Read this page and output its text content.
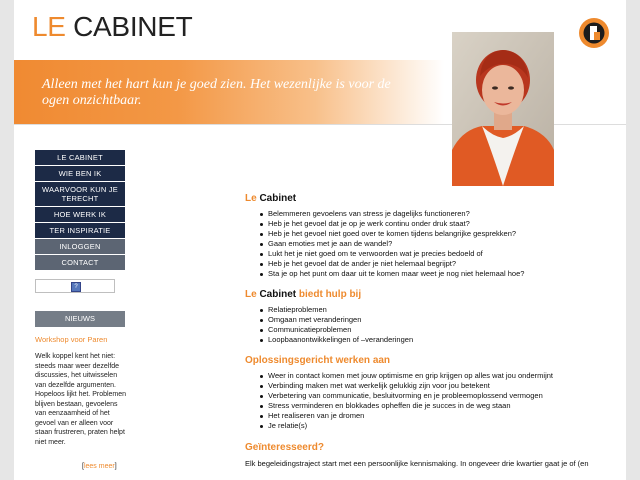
LE CABINET
Alleen met het hart kun je goed zien. Het wezenlijke is voor de ogen onzichtbaar.
LE CABINET
WIE BEN IK
WAARVOOR KUN JE TERECHT
HOE WERK IK
TER INSPIRATIE
INLOGGEN
CONTACT
?
NIEUWS
Workshop voor Paren
Welk koppel kent het niet: steeds maar weer dezelfde discussies, het uitwisselen van dezelfde argumenten. Hopeloos lijkt het. Problemen blijven bestaan, gevoelens van eenzaamheid of het gevoel van er alleen voor staan frustreren, praten helpt niet meer.
[lees meer]
Le Cabinet
Belemmeren gevoelens van stress je dagelijks functioneren?
Heb je het gevoel dat je op je werk continu onder druk staat?
Heb je het gevoel niet goed over te komen tijdens belangrijke gesprekken?
Gaan emoties met je aan de wandel?
Lukt het je niet goed om te verwoorden wat je precies bedoeld of
Heb je het gevoel dat de ander je niet helemaal begrijpt?
Sta je op het punt om daar uit te komen maar weet je nog niet helemaal hoe?
Le Cabinet biedt hulp bij
Relatieproblemen
Omgaan met veranderingen
Communicatieproblemen
Loopbaanontwikkelingen of –veranderingen
Oplossingsgericht werken aan
Weer in contact komen met jouw optimisme en grip krijgen op alles wat jou ondermijnt
Verbinding maken met wat werkelijk gelukkig zijn voor jou betekent
Verbetering van communicatie, besluitvorming en je probleemoplossend vermogen
Stress verminderen en blokkades opheffen die je succes in de weg staan
Het realiseren van je dromen
Je relatie(s)
Geïnteresseerd?

Elk begeleidingstraject start met een persoonlijke kennismaking. In ongeveer drie kwartier gaat je of (en
